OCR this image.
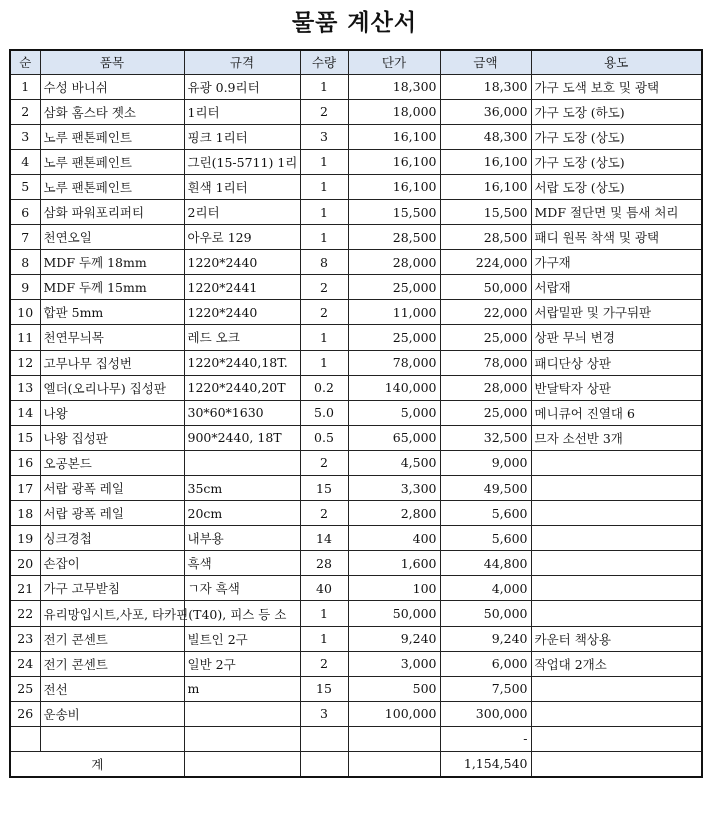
물품 계산서
순	품목	규격	수량	단가	금액	용도
1	수성 바니쉬	유광 0.9리터	1	18,300	18,300	가구 도색 보호 및 광택
2	삼화 홈스타 젯소	1리터	2	18,000	36,000	가구 도장 (하도)
3	노루 팬톤페인트	핑크 1리터	3	16,100	48,300	가구 도장 (상도)
4	노루 팬톤페인트	그린(15-5711) 1리	1	16,100	16,100	가구 도장 (상도)
5	노루 팬톤페인트	흰색 1리터	1	16,100	16,100	서랍 도장 (상도)
6	삼화 파워포리퍼티	2리터	1	15,500	15,500	MDF 절단면 및 틈새 처리
7	천연오일	아우로 129	1	28,500	28,500	패디 원목 착색 및 광택
8	MDF 두께 18mm	1220*2440	8	28,000	224,000	가구재
9	MDF 두께 15mm	1220*2441	2	25,000	50,000	서랍재
10	합판 5mm	1220*2440	2	11,000	22,000	서랍밑판 및 가구뒤판
11	천연무늬목	레드 오크	1	25,000	25,000	상판 무늬 변경
12	고무나무 집성번	1220*2440,18T.	1	78,000	78,000	패디단상 상판
13	엘더(오리나무) 집성판	1220*2440,20T	0.2	140,000	28,000	반달탁자 상판
14	나왕	30*60*1630	5.0	5,000	25,000	메니큐어 진열대 6
15	나왕 집성판	900*2440, 18T	0.5	65,000	32,500	므자 소선반 3개
16	오공본드		2	4,500	9,000	
17	서랍 광폭 레일	35cm	15	3,300	49,500	
18	서랍 광폭 레일	20cm	2	2,800	5,600	
19	싱크경첩	내부용	14	400	5,600	
20	손잡이	흑색	28	1,600	44,800	
21	가구 고무받침	ㄱ자 흑색	40	100	4,000	
22	유리망입시트,사포, 타카핀(T40), 피스 등 소		1	50,000	50,000	
23	전기 콘센트	빌트인 2구	1	9,240	9,240	카운터 책상용
24	전기 콘센트	일반 2구	2	3,000	6,000	작업대 2개소
25	전선	m	15	500	7,500	
26	운송비		3	100,000	300,000	
					-	
계					1,154,540	
